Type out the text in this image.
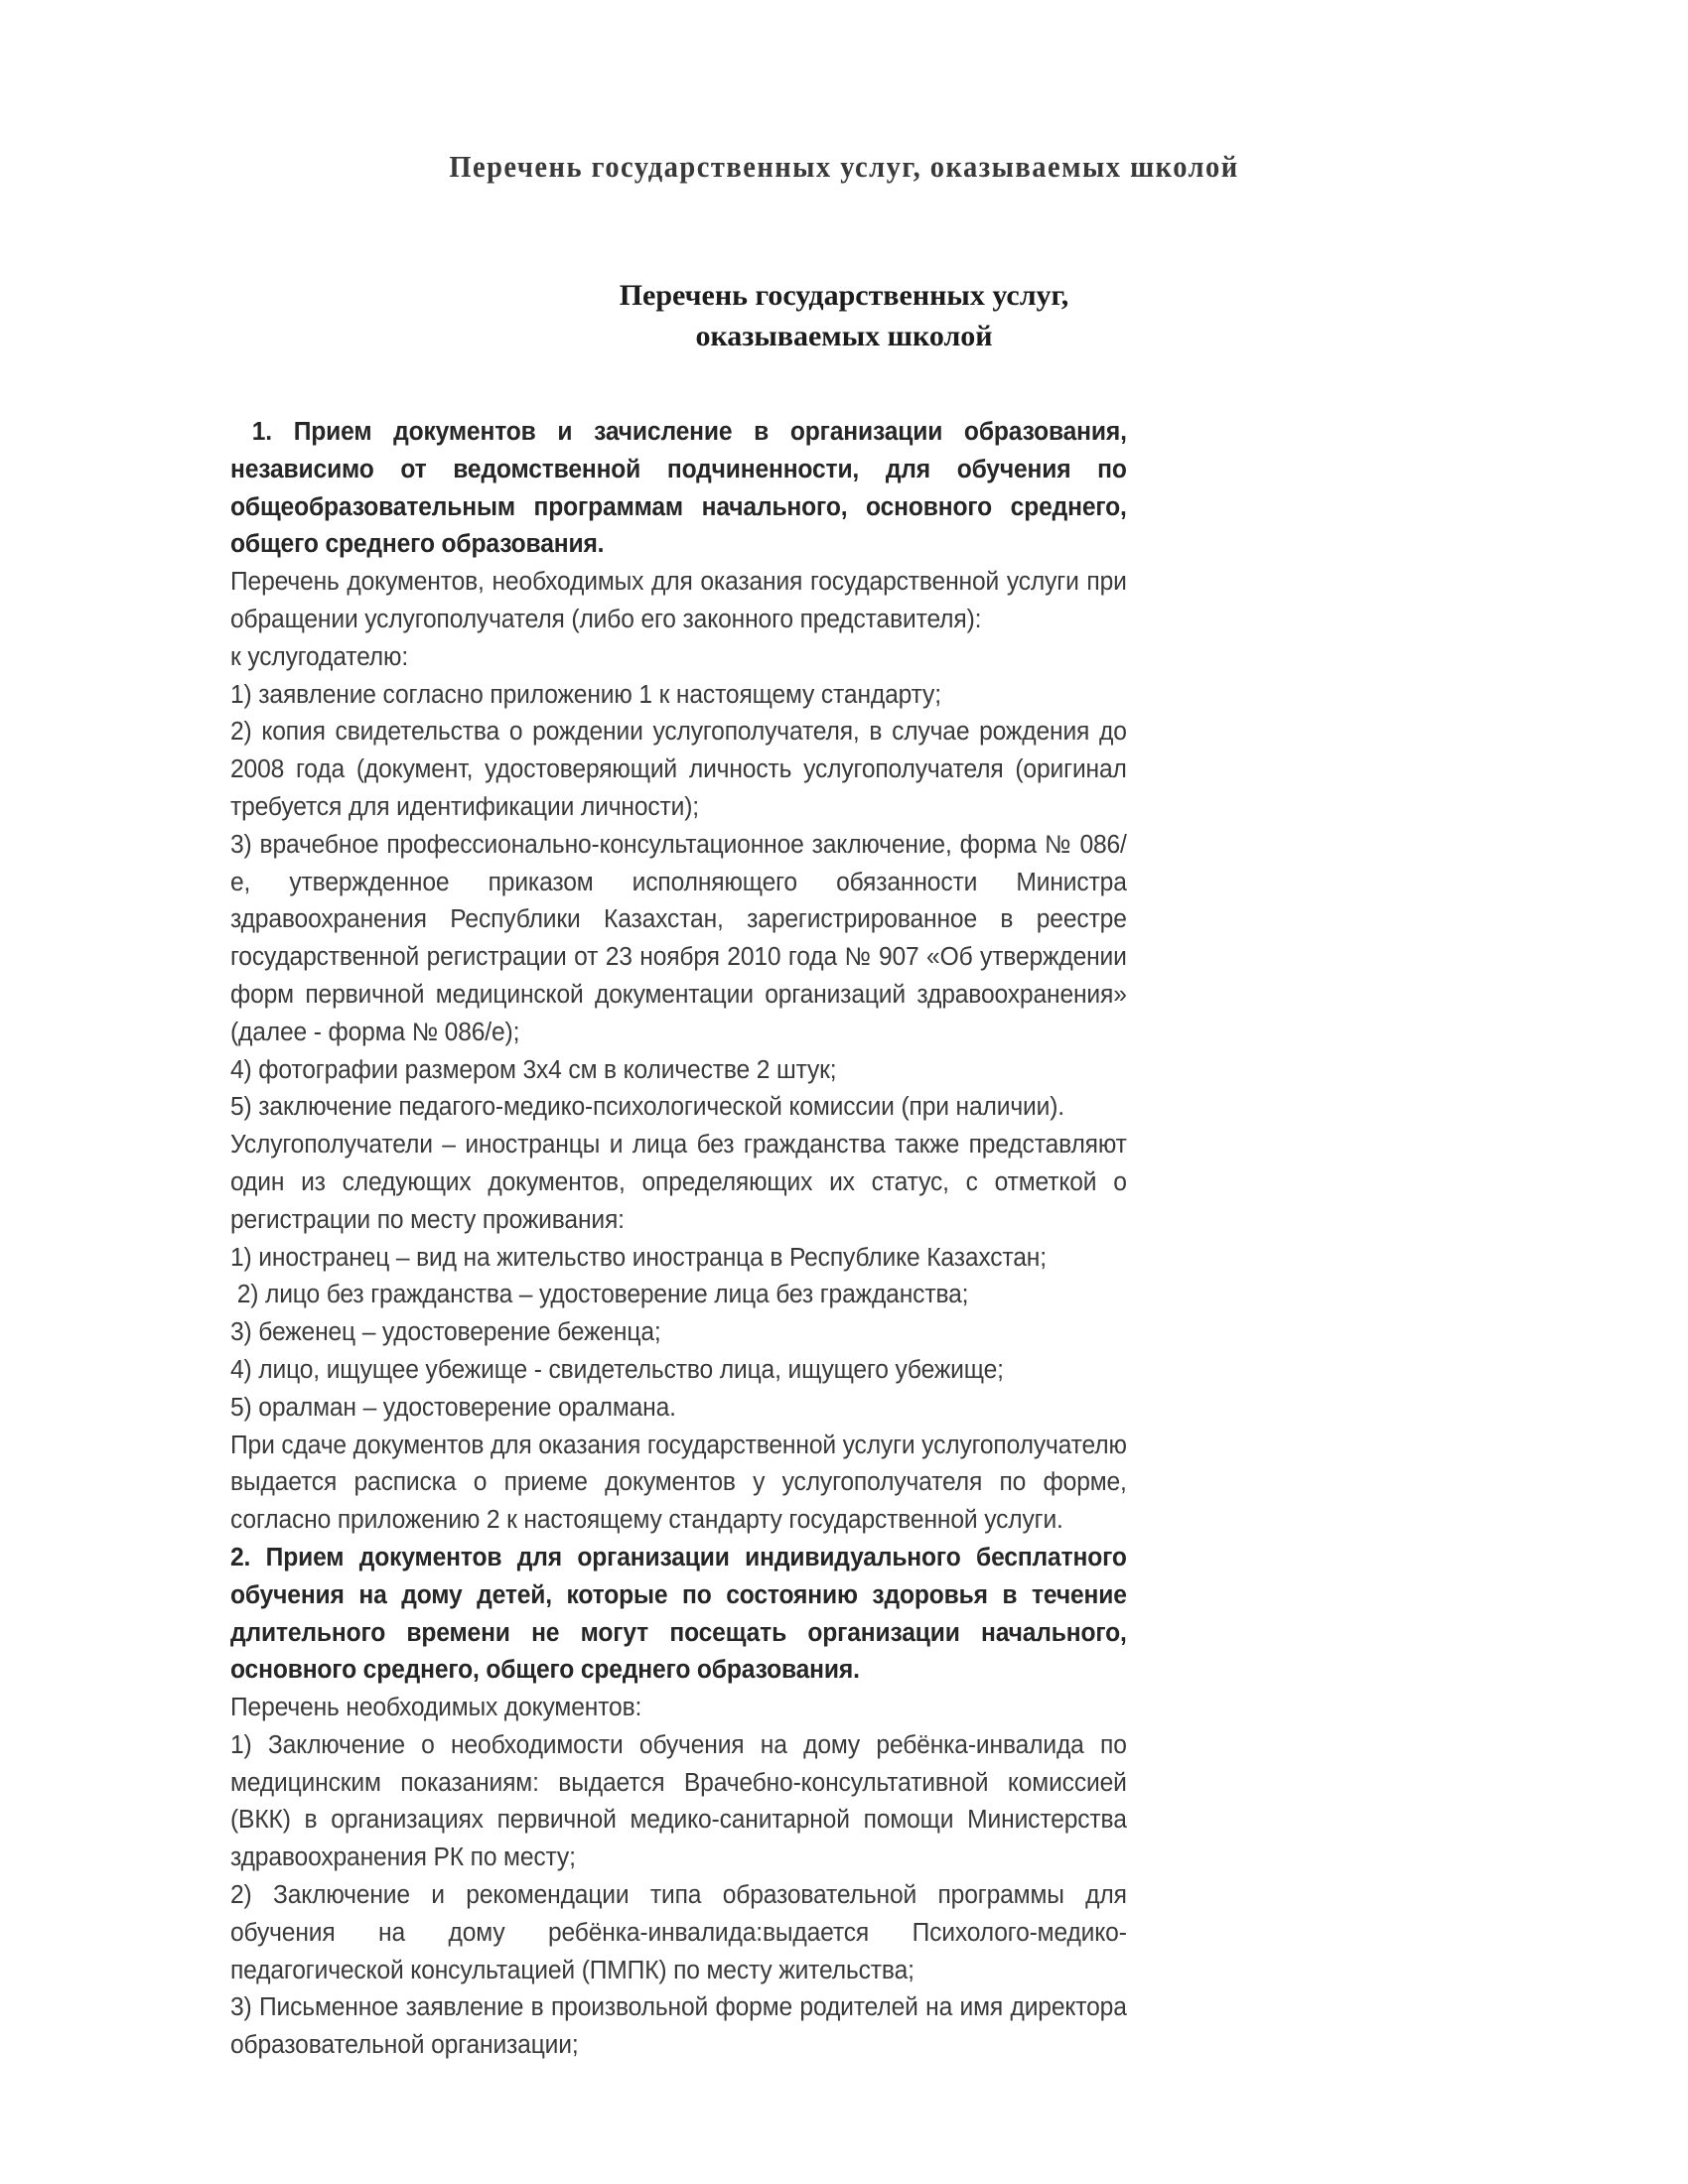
Перечень государственных услуг, оказываемых школой
Перечень государственных услуг,
оказываемых школой

1. Прием документов и зачисление в организации образования, независимо от ведомственной подчиненности, для обучения по общеобразовательным программам начального, основного среднего, общего среднего образования.

Перечень документов, необходимых для оказания государственной услуги при обращении услугополучателя (либо его законного представителя):

к услугодателю:

1) заявление согласно приложению 1 к настоящему стандарту;

2) копия свидетельства о рождении услугополучателя, в случае рождения до 2008 года (документ, удостоверяющий личность услугополучателя (оригинал требуется для идентификации личности);

3) врачебное профессионально-консультационное заключение, форма № 086/е, утвержденное приказом исполняющего обязанности Министра здравоохранения Республики Казахстан, зарегистрированное в реестре государственной регистрации от 23 ноября 2010 года № 907 «Об утверждении форм первичной медицинской документации организаций здравоохранения» (далее - форма № 086/е);

4) фотографии размером 3х4 см в количестве 2 штук;

5) заключение педагого-медико-психологической комиссии (при наличии).

Услугополучатели – иностранцы и лица без гражданства также представляют один из следующих документов, определяющих их статус, с отметкой о регистрации по месту проживания:

1) иностранец – вид на жительство иностранца в Республике Казахстан;

2) лицо без гражданства – удостоверение лица без гражданства;

3) беженец – удостоверение беженца;

4) лицо, ищущее убежище - свидетельство лица, ищущего убежище;

5) оралман – удостоверение оралмана.

При сдаче документов для оказания государственной услуги услугополучателю выдается расписка о приеме документов у услугополучателя по форме, согласно приложению 2 к настоящему стандарту государственной услуги.

2. Прием документов для организации индивидуального бесплатного обучения на дому детей, которые по состоянию здоровья в течение длительного времени не могут посещать организации начального, основного среднего, общего среднего образования.

Перечень необходимых документов:

1) Заключение о необходимости обучения на дому ребёнка-инвалида по медицинским показаниям: выдается Врачебно-консультативной комиссией (ВКК) в организациях первичной медико-санитарной помощи Министерства здравоохранения РК по месту;

2) Заключение и рекомендации типа образовательной программы для обучения на дому ребёнка-инвалида:выдается Психолого-медико-педагогической консультацией (ПМПК) по месту жительства;

3) Письменное заявление в произвольной форме родителей на имя директора образовательной организации;
